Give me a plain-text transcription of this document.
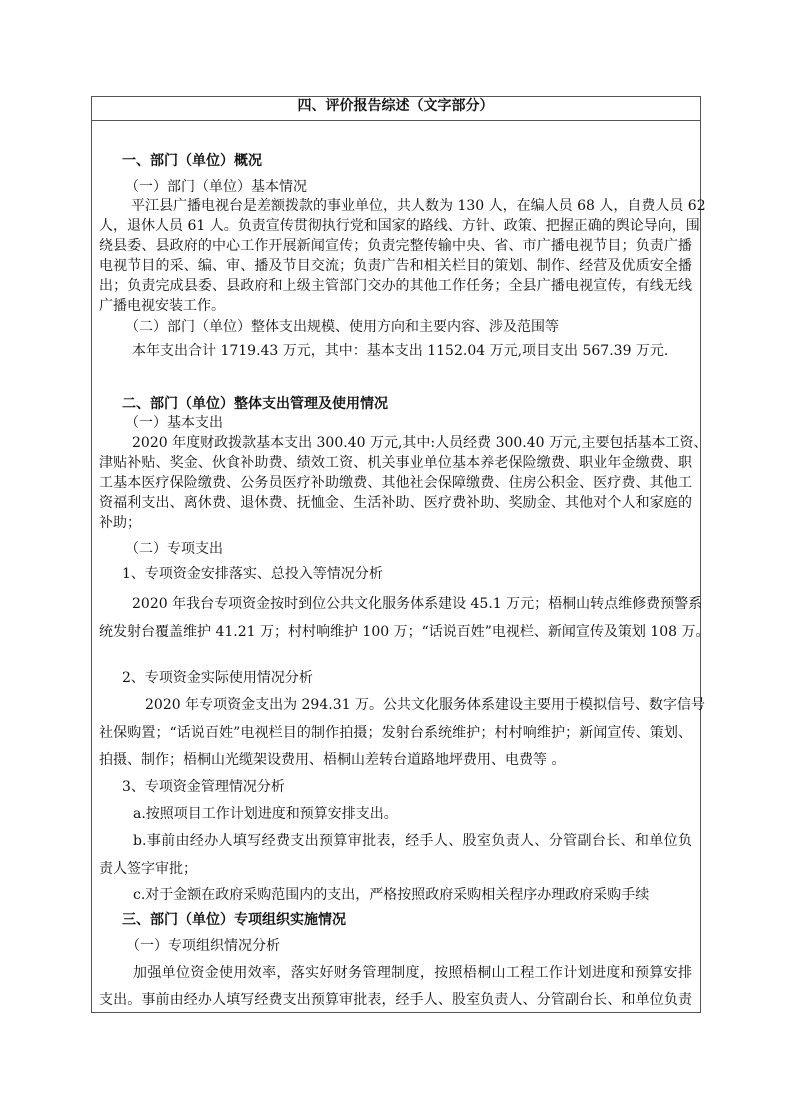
四、评价报告综述（文字部分）
一、部门（单位）概况
（一）部门（单位）基本情况
平江县广播电视台是差额拨款的事业单位，共人数为 130 人，在编人员 68 人，自费人员 62
人，退休人员 61 人。负责宣传贯彻执行党和国家的路线、方针、政策、把握正确的舆论导向，围
绕县委、县政府的中心工作开展新闻宣传；负责完整传输中央、省、市广播电视节目；负责广播
电视节目的采、编、审、播及节目交流；负责广告和相关栏目的策划、制作、经营及优质安全播
出；负责完成县委、县政府和上级主管部门交办的其他工作任务；全县广播电视宣传，有线无线
广播电视安装工作。
（二）部门（单位）整体支出规模、使用方向和主要内容、涉及范围等
本年支出合计 1719.43 万元，其中：基本支出 1152.04 万元,项目支出 567.39 万元.
二、部门（单位）整体支出管理及使用情况
（一）基本支出
2020 年度财政拨款基本支出 300.40 万元,其中:人员经费 300.40 万元,主要包括基本工资、
津贴补贴、奖金、伙食补助费、绩效工资、机关事业单位基本养老保险缴费、职业年金缴费、职
工基本医疗保险缴费、公务员医疗补助缴费、其他社会保障缴费、住房公积金、医疗费、其他工
资福利支出、离休费、退休费、抚恤金、生活补助、医疗费补助、奖励金、其他对个人和家庭的
补助；
（二）专项支出
1、专项资金安排落实、总投入等情况分析
2020 年我台专项资金按时到位公共文化服务体系建设 45.1 万元；梧桐山转点维修费预警系
统发射台覆盖维护 41.21 万；村村响维护 100 万；“话说百姓”电视栏、新闻宣传及策划 108 万。
2、专项资金实际使用情况分析
2020 年专项资金支出为 294.31 万。公共文化服务体系建设主要用于模拟信号、数字信号
社保购置；“话说百姓”电视栏目的制作拍摄；发射台系统维护；村村响维护；新闻宣传、策划、
拍摄、制作；梧桐山光缆架设费用、梧桐山差转台道路地坪费用、电费等 。
3、专项资金管理情况分析
a.按照项目工作计划进度和预算安排支出。
b.事前由经办人填写经费支出预算审批表，经手人、股室负责人、分管副台长、和单位负
责人签字审批；
c.对于金额在政府采购范围内的支出，严格按照政府采购相关程序办理政府采购手续
三、部门（单位）专项组织实施情况
（一）专项组织情况分析
加强单位资金使用效率，落实好财务管理制度，按照梧桐山工程工作计划进度和预算安排
支出。事前由经办人填写经费支出预算审批表，经手人、股室负责人、分管副台长、和单位负责
